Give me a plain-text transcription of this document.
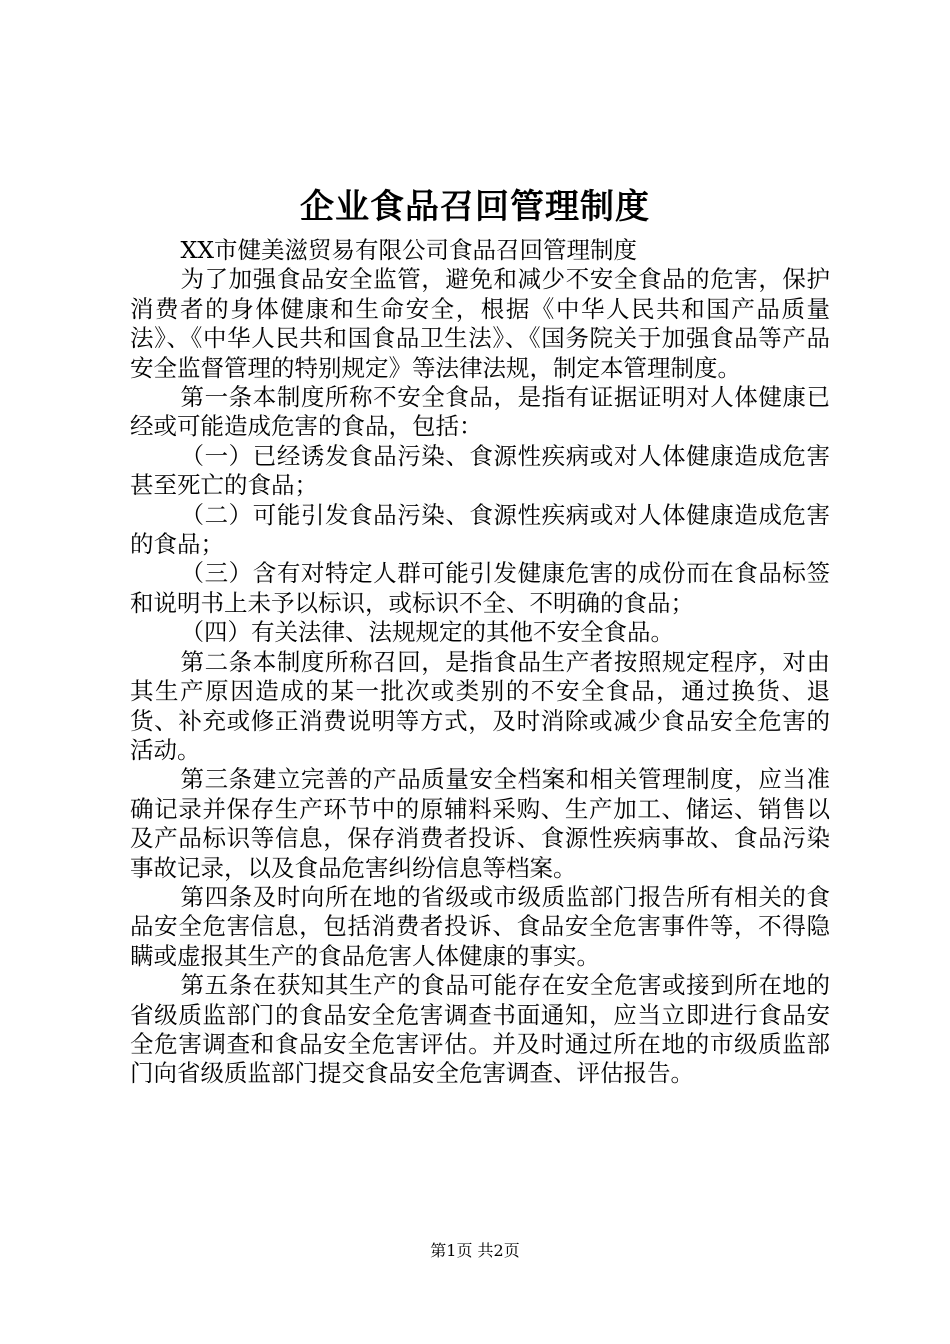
企业食品召回管理制度

XX市健美滋贸易有限公司食品召回管理制度

为了加强食品安全监管，避免和减少不安全食品的危害，保护消费者的身体健康和生命安全，根据《中华人民共和国产品质量法》、《中华人民共和国食品卫生法》、《国务院关于加强食品等产品安全监督管理的特别规定》等法律法规，制定本管理制度。

第一条本制度所称不安全食品，是指有证据证明对人体健康已经或可能造成危害的食品，包括：

（一）已经诱发食品污染、食源性疾病或对人体健康造成危害甚至死亡的食品；

（二）可能引发食品污染、食源性疾病或对人体健康造成危害的食品；

（三）含有对特定人群可能引发健康危害的成份而在食品标签和说明书上未予以标识，或标识不全、不明确的食品；

（四）有关法律、法规规定的其他不安全食品。

第二条本制度所称召回，是指食品生产者按照规定程序，对由其生产原因造成的某一批次或类别的不安全食品，通过换货、退货、补充或修正消费说明等方式，及时消除或减少食品安全危害的活动。

第三条建立完善的产品质量安全档案和相关管理制度，应当准确记录并保存生产环节中的原辅料采购、生产加工、储运、销售以及产品标识等信息，保存消费者投诉、食源性疾病事故、食品污染事故记录，以及食品危害纠纷信息等档案。

第四条及时向所在地的省级或市级质监部门报告所有相关的食品安全危害信息，包括消费者投诉、食品安全危害事件等，不得隐瞒或虚报其生产的食品危害人体健康的事实。

第五条在获知其生产的食品可能存在安全危害或接到所在地的省级质监部门的食品安全危害调查书面通知，应当立即进行食品安全危害调查和食品安全危害评估。并及时通过所在地的市级质监部门向省级质监部门提交食品安全危害调查、评估报告。

第1页 共2页
